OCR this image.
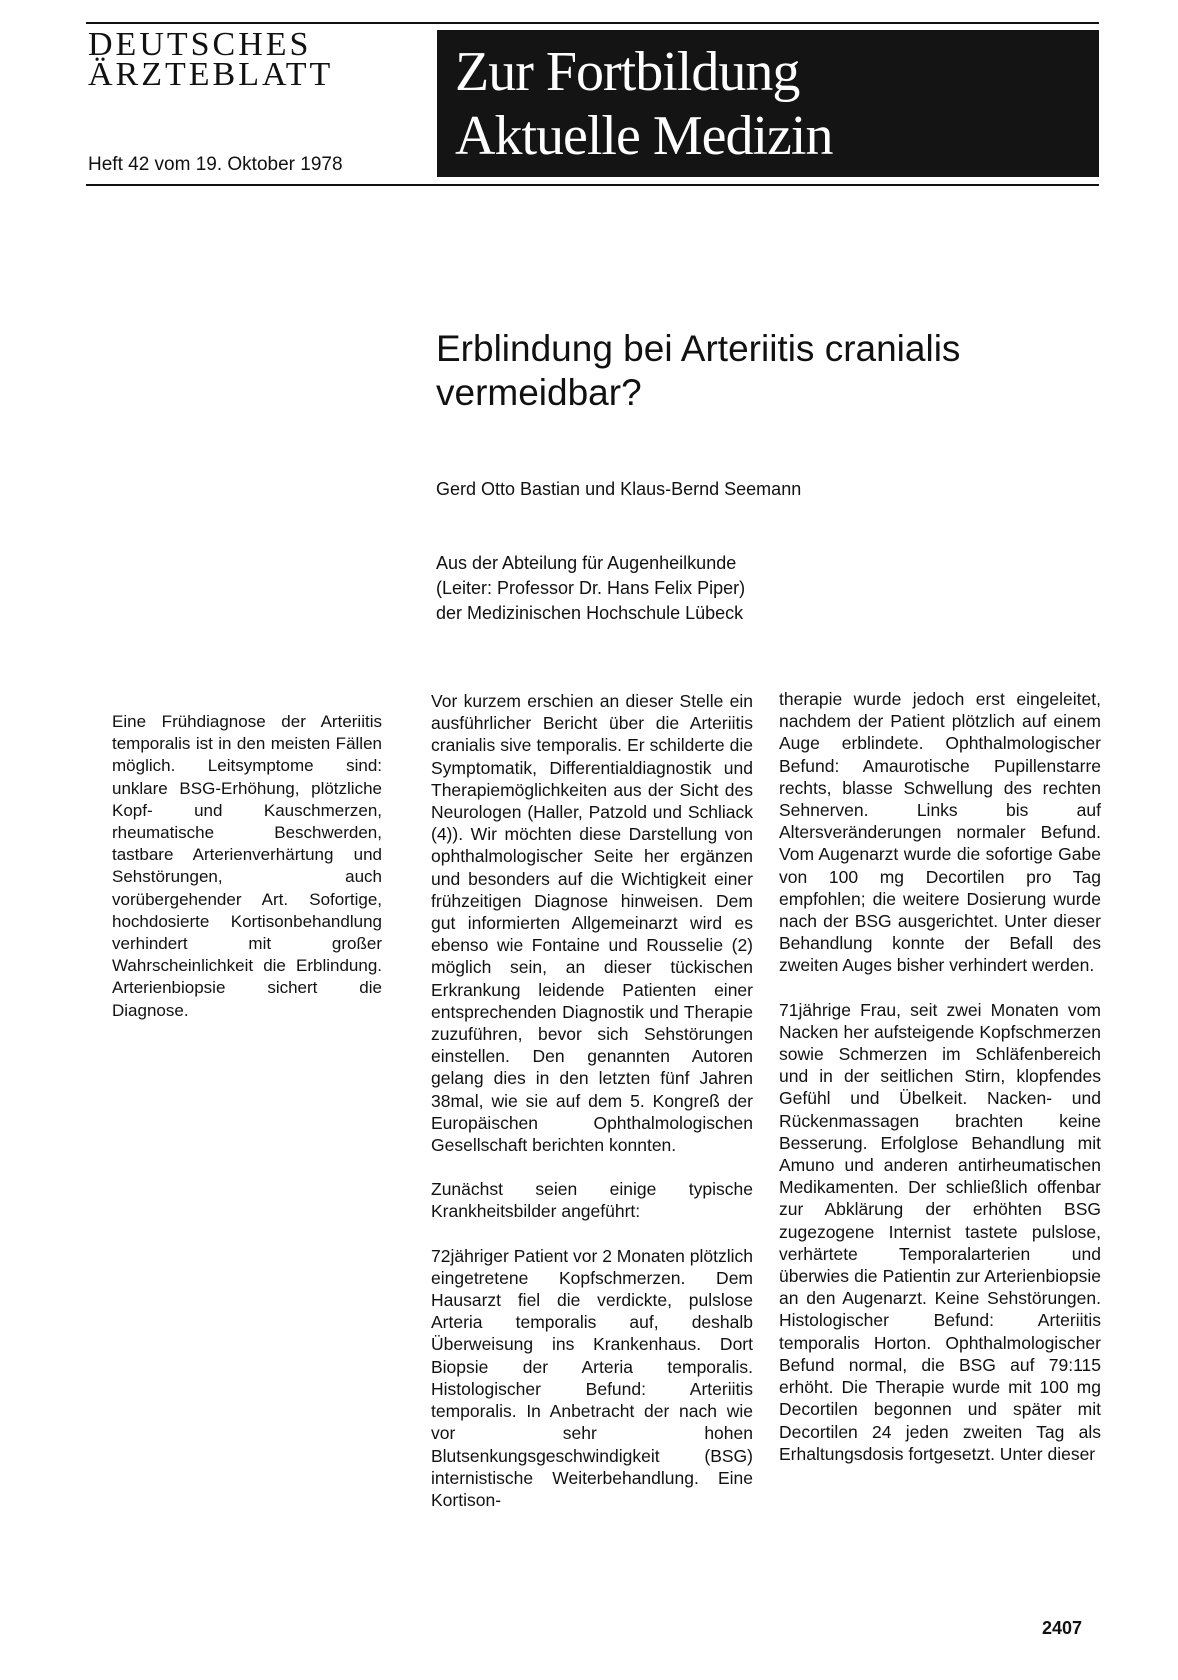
DEUTSCHES
ÄRZTEBLATT
Heft 42 vom 19. Oktober 1978
Zur Fortbildung
Aktuelle Medizin
Erblindung bei Arteriitis cranialis vermeidbar?
Gerd Otto Bastian und Klaus-Bernd Seemann
Aus der Abteilung für Augenheilkunde
(Leiter: Professor Dr. Hans Felix Piper)
der Medizinischen Hochschule Lübeck
Eine Frühdiagnose der Arteriitis temporalis ist in den meisten Fällen möglich. Leitsymptome sind: unklare BSG-Erhöhung, plötzliche Kopf- und Kauschmerzen, rheumatische Beschwerden, tastbare Arterienverhärtung und Sehstörungen, auch vorübergehender Art. Sofortige, hochdosierte Kortisonbehandlung verhindert mit großer Wahrscheinlichkeit die Erblindung. Arterienbiopsie sichert die Diagnose.

Vor kurzem erschien an dieser Stelle ein ausführlicher Bericht über die Arteriitis cranialis sive temporalis. Er schilderte die Symptomatik, Differentialdiagnostik und Therapiemöglichkeiten aus der Sicht des Neurologen (Haller, Patzold und Schliack (4)). Wir möchten diese Darstellung von ophthalmologischer Seite her ergänzen und besonders auf die Wichtigkeit einer frühzeitigen Diagnose hinweisen. Dem gut informierten Allgemeinarzt wird es ebenso wie Fontaine und Rousselie (2) möglich sein, an dieser tückischen Erkrankung leidende Patienten einer entsprechenden Diagnostik und Therapie zuzuführen, bevor sich Sehstörungen einstellen. Den genannten Autoren gelang dies in den letzten fünf Jahren 38mal, wie sie auf dem 5. Kongreß der Europäischen Ophthalmologischen Gesellschaft berichten konnten.

Zunächst seien einige typische Krankheitsbilder angeführt:

72jähriger Patient vor 2 Monaten plötzlich eingetretene Kopfschmerzen. Dem Hausarzt fiel die verdickte, pulslose Arteria temporalis auf, deshalb Überweisung ins Krankenhaus. Dort Biopsie der Arteria temporalis. Histologischer Befund: Arteriitis temporalis. In Anbetracht der nach wie vor sehr hohen Blutsenkungsgeschwindigkeit (BSG) internistische Weiterbehandlung. Eine Kortison-

therapie wurde jedoch erst eingeleitet, nachdem der Patient plötzlich auf einem Auge erblindete. Ophthalmologischer Befund: Amaurotische Pupillenstarre rechts, blasse Schwellung des rechten Sehnerven. Links bis auf Altersveränderungen normaler Befund. Vom Augenarzt wurde die sofortige Gabe von 100 mg Decortilen pro Tag empfohlen; die weitere Dosierung wurde nach der BSG ausgerichtet. Unter dieser Behandlung konnte der Befall des zweiten Auges bisher verhindert werden.

71jährige Frau, seit zwei Monaten vom Nacken her aufsteigende Kopfschmerzen sowie Schmerzen im Schläfenbereich und in der seitlichen Stirn, klopfendes Gefühl und Übelkeit. Nacken- und Rückenmassagen brachten keine Besserung. Erfolglose Behandlung mit Amuno und anderen antirheumatischen Medikamenten. Der schließlich offenbar zur Abklärung der erhöhten BSG zugezogene Internist tastete pulslose, verhärtete Temporalarterien und überwies die Patientin zur Arterienbiopsie an den Augenarzt. Keine Sehstörungen. Histologischer Befund: Arteriitis temporalis Horton. Ophthalmologischer Befund normal, die BSG auf 79:115 erhöht. Die Therapie wurde mit 100 mg Decortilen begonnen und später mit Decortilen 24 jeden zweiten Tag als Erhaltungsdosis fortgesetzt. Unter dieser

2407
